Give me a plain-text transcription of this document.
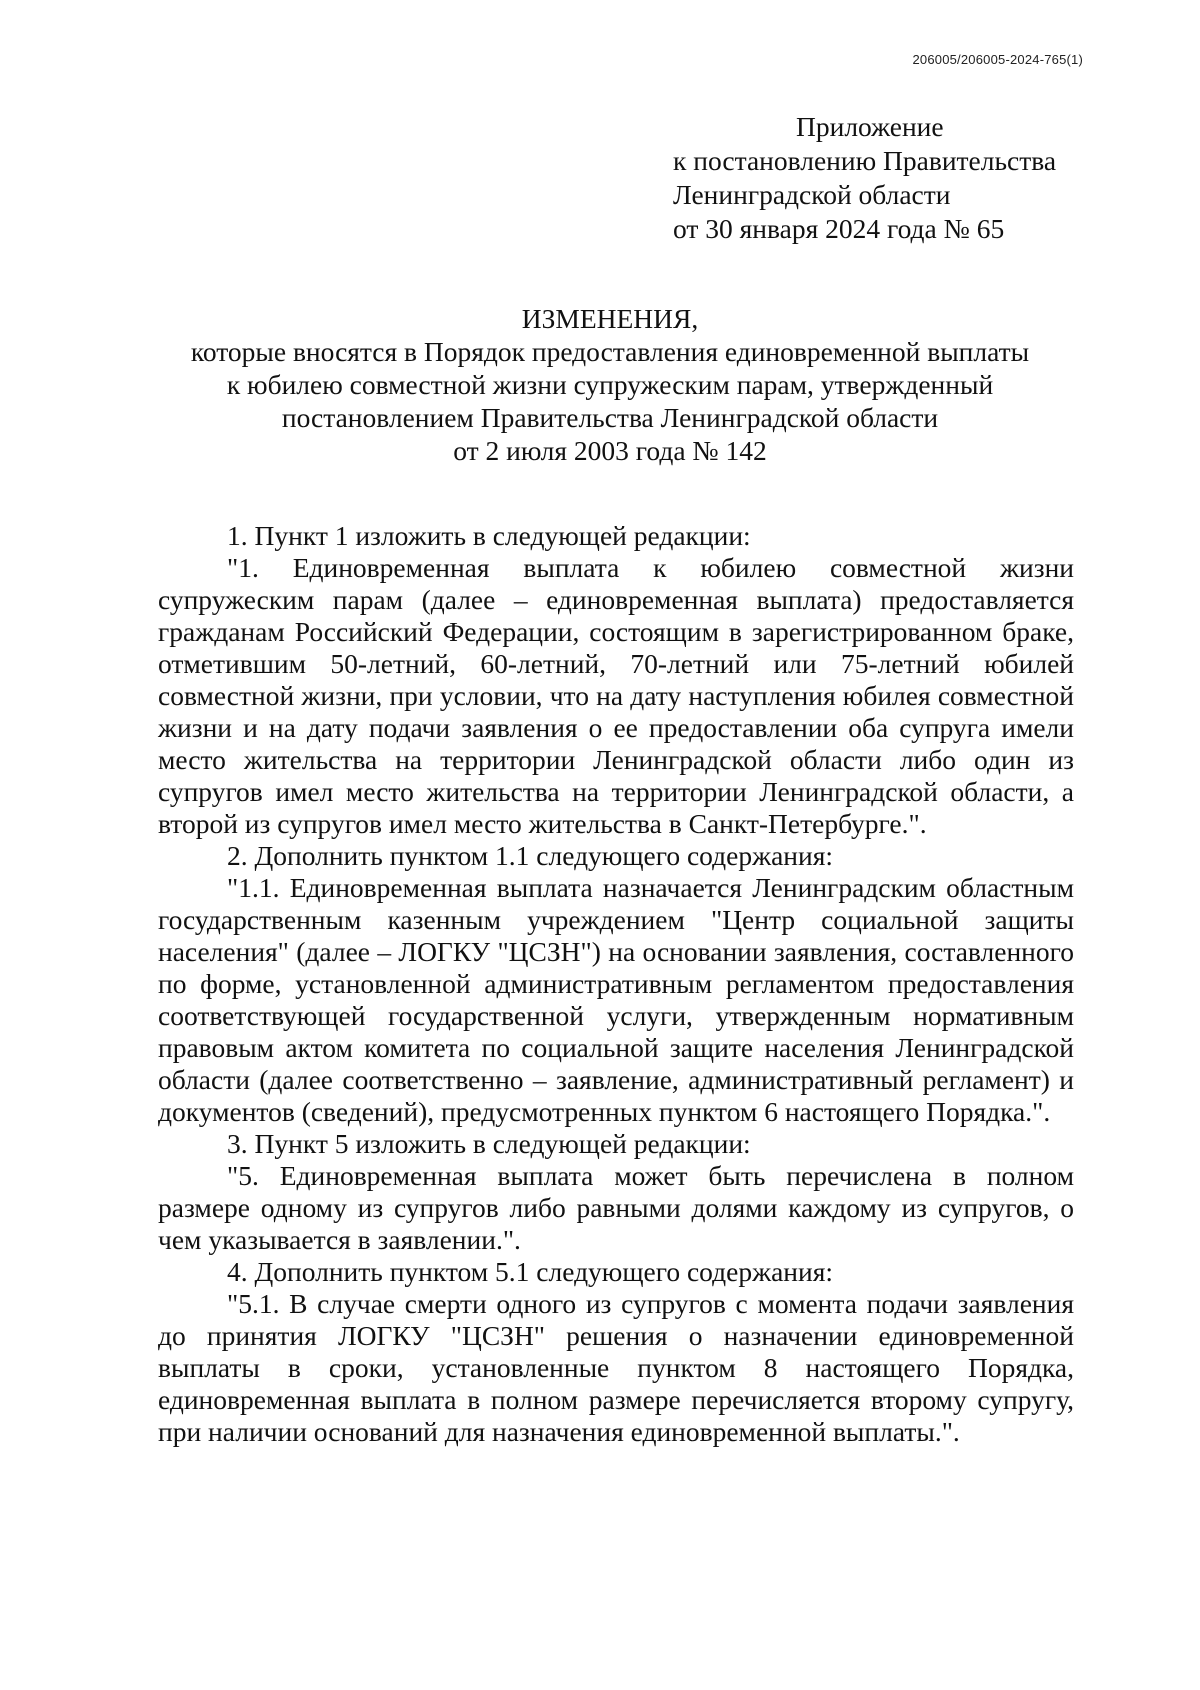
206005/206005-2024-765(1)
Приложение
к постановлению Правительства
Ленинградской области
от 30 января 2024 года № 65
ИЗМЕНЕНИЯ,
которые вносятся в Порядок предоставления единовременной выплаты
к юбилею совместной жизни супружеским парам, утвержденный
постановлением Правительства Ленинградской области
от 2 июля 2003 года № 142

1. Пункт 1 изложить в следующей редакции:

"1. Единовременная выплата к юбилею совместной жизни супружеским парам (далее – единовременная выплата) предоставляется гражданам Российский Федерации, состоящим в зарегистрированном браке, отметившим 50-летний, 60-летний, 70-летний или 75-летний юбилей совместной жизни, при условии, что на дату наступления юбилея совместной жизни и на дату подачи заявления о ее предоставлении оба супруга имели место жительства на территории Ленинградской области либо один из супругов имел место жительства на территории Ленинградской области, а второй из супругов имел место жительства в Санкт-Петербурге.".

2. Дополнить пунктом 1.1 следующего содержания:

"1.1. Единовременная выплата назначается Ленинградским областным государственным казенным учреждением "Центр социальной защиты населения" (далее – ЛОГКУ "ЦСЗН") на основании заявления, составленного по форме, установленной административным регламентом предоставления соответствующей государственной услуги, утвержденным нормативным правовым актом комитета по социальной защите населения Ленинградской области (далее соответственно – заявление, административный регламент) и документов (сведений), предусмотренных пунктом 6 настоящего Порядка.".

3. Пункт 5 изложить в следующей редакции:

"5. Единовременная выплата может быть перечислена в полном размере одному из супругов либо равными долями каждому из супругов, о чем указывается в заявлении.".

4. Дополнить пунктом 5.1 следующего содержания:

"5.1. В случае смерти одного из супругов с момента подачи заявления до принятия ЛОГКУ "ЦСЗН" решения о назначении единовременной выплаты в сроки, установленные пунктом 8 настоящего Порядка, единовременная выплата в полном размере перечисляется второму супругу, при наличии оснований для назначения единовременной выплаты.".
